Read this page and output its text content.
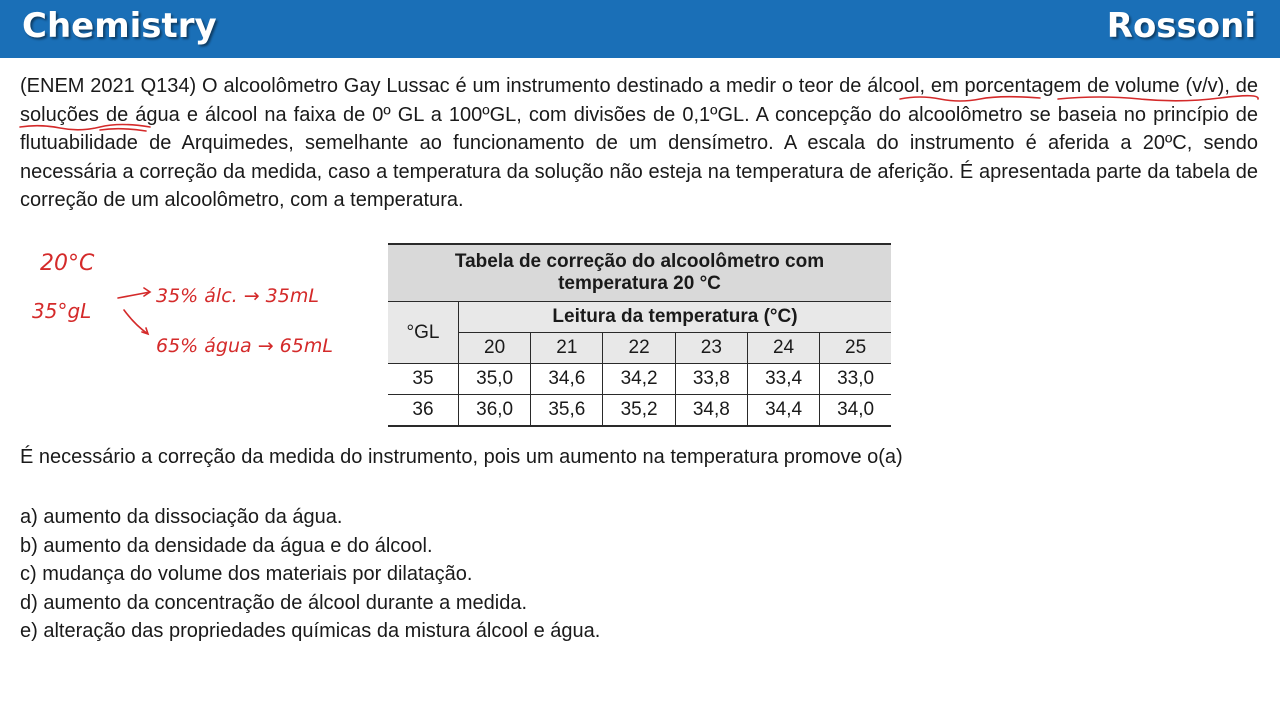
Chemistry	Rossoni

(ENEM 2021 Q134) O alcoolômetro Gay Lussac é um instrumento destinado a medir o teor de álcool, em porcentagem de volume (v/v), de soluções de água e álcool na faixa de 0º GL a 100ºGL, com divisões de 0,1ºGL. A concepção do alcoolômetro se baseia no princípio de flutuabilidade de Arquimedes, semelhante ao funcionamento de um densímetro. A escala do instrumento é aferida a 20ºC, sendo necessária a correção da medida, caso a temperatura da solução não esteja na temperatura de aferição. É apresentada parte da tabela de correção de um alcoolômetro, com a temperatura.

20°C
35°gL
35% álc. → 35mL
65% água → 65mL
Tabela de correção do alcoolômetro com temperatura 20 °C						
°GL	Leitura da temperatura (°C)					
	20	21	22	23	24	25
35	35,0	34,6	34,2	33,8	33,4	33,0
36	36,0	35,6	35,2	34,8	34,4	34,0

É necessário a correção da medida do instrumento, pois um aumento na temperatura promove o(a)

a) aumento da dissociação da água.
b) aumento da densidade da água e do álcool.
c) mudança do volume dos materiais por dilatação.
d) aumento da concentração de álcool durante a medida.
e) alteração das propriedades químicas da mistura álcool e água.
